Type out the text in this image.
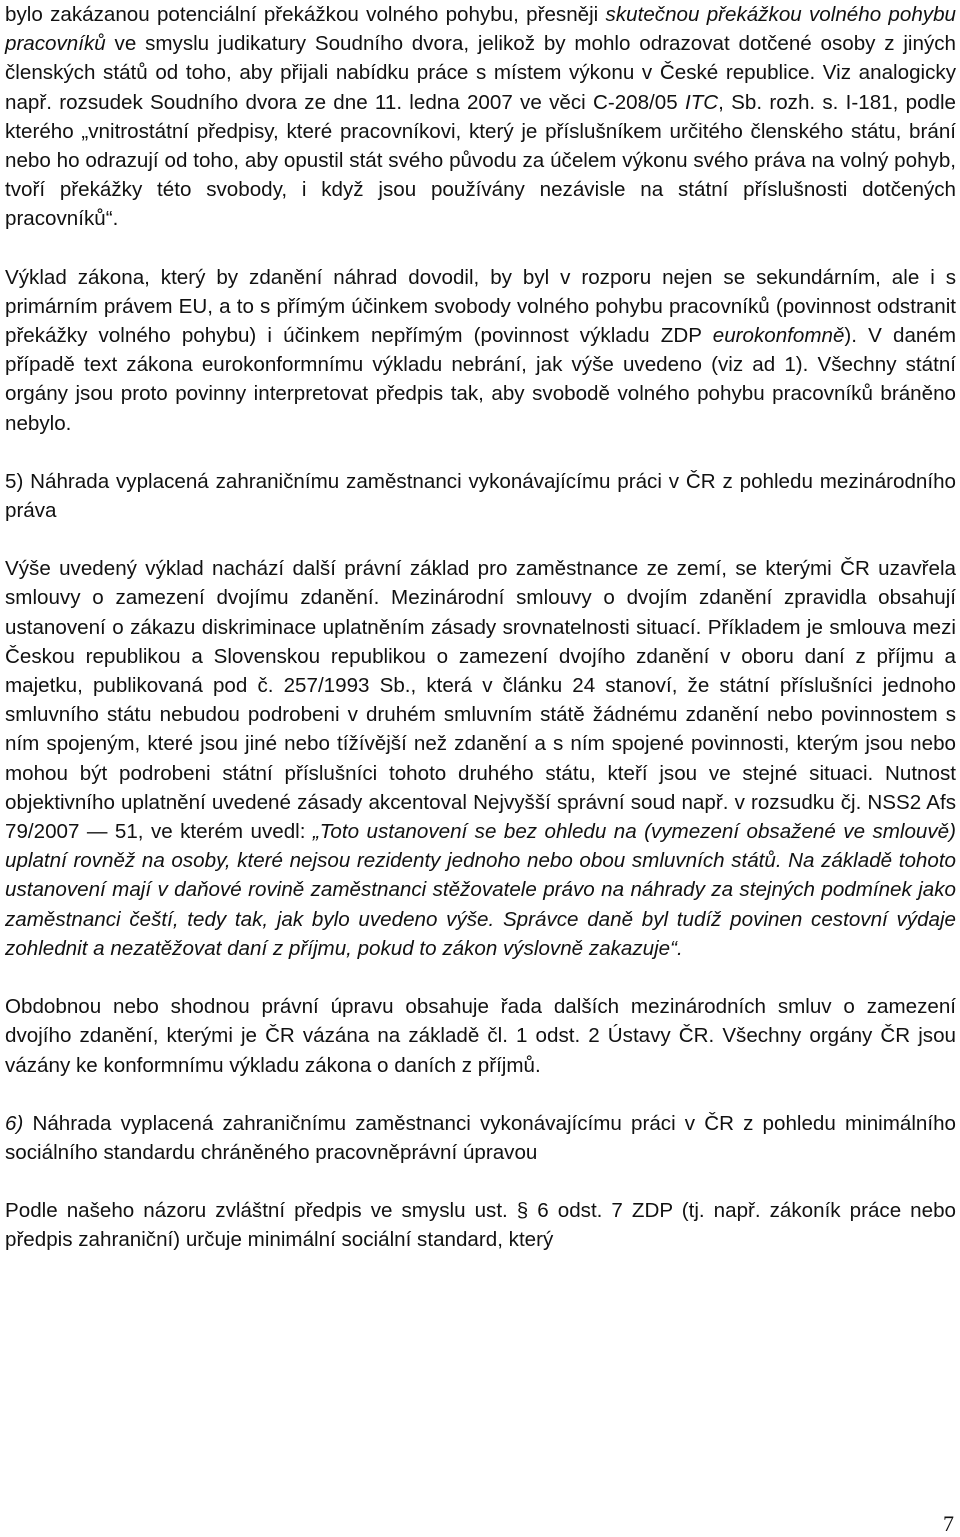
bylo zakázanou potenciální překážkou volného pohybu, přesněji skutečnou překážkou volného pohybu pracovníků ve smyslu judikatury Soudního dvora, jelikož by mohlo odrazovat dotčené osoby z jiných členských států od toho, aby přijali nabídku práce s místem výkonu v České republice. Viz analogicky např. rozsudek Soudního dvora ze dne 11. ledna 2007 ve věci C‑208/05 ITC, Sb. rozh. s. I‑181, podle kterého „vnitrostátní předpisy, které pracovníkovi, který je příslušníkem určitého členského státu, brání nebo ho odrazují od toho, aby opustil stát svého původu za účelem výkonu svého práva na volný pohyb, tvoří překážky této svobody, i když jsou používány nezávisle na státní příslušnosti dotčených pracovníků“.

Výklad zákona, který by zdanění náhrad dovodil, by byl v rozporu nejen se sekundárním, ale i s primárním právem EU, a to s přímým účinkem svobody volného pohybu pracovníků (povinnost odstranit překážky volného pohybu) i účinkem nepřímým (povinnost výkladu ZDP eurokonfomně). V daném případě text zákona eurokonformnímu výkladu nebrání, jak výše uvedeno (viz ad 1). Všechny státní orgány jsou proto povinny interpretovat předpis tak, aby svobodě volného pohybu pracovníků bráněno nebylo.

5) Náhrada vyplacená zahraničnímu zaměstnanci vykonávajícímu práci v ČR z pohledu mezinárodního práva

Výše uvedený výklad nachází další právní základ pro zaměstnance ze zemí, se kterými ČR uzavřela smlouvy o zamezení dvojímu zdanění. Mezinárodní smlouvy o dvojím zdanění zpravidla obsahují ustanovení o zákazu diskriminace uplatněním zásady srovnatelnosti situací. Příkladem je smlouva mezi Českou republikou a Slovenskou republikou o zamezení dvojího zdanění v oboru daní z příjmu a majetku, publikovaná pod č. 257/1993 Sb., která v článku 24 stanoví, že státní příslušníci jednoho smluvního státu nebudou podrobeni v druhém smluvním státě žádnému zdanění nebo povinnostem s ním spojeným, které jsou jiné nebo tížívější než zdanění a s ním spojené povinnosti, kterým jsou nebo mohou být podrobeni státní příslušníci tohoto druhého státu, kteří jsou ve stejné situaci. Nutnost objektivního uplatnění uvedené zásady akcentoval Nejvyšší správní soud např. v rozsudku čj. NSS2 Afs 79/2007 — 51, ve kterém uvedl: „Toto ustanovení se bez ohledu na (vymezení obsažené ve smlouvě) uplatní rovněž na osoby, které nejsou rezidenty jednoho nebo obou smluvních států. Na základě tohoto ustanovení mají v daňové rovině zaměstnanci stěžovatele právo na náhrady za stejných podmínek jako zaměstnanci čeští, tedy tak, jak bylo uvedeno výše. Správce daně byl tudíž povinen cestovní výdaje zohlednit a nezatěžovat daní z příjmu, pokud to zákon výslovně zakazuje“.

Obdobnou nebo shodnou právní úpravu obsahuje řada dalších mezinárodních smluv o zamezení dvojího zdanění, kterými je ČR vázána na základě čl. 1 odst. 2 Ústavy ČR. Všechny orgány ČR jsou vázány ke konformnímu výkladu zákona o daních z příjmů.

6) Náhrada vyplacená zahraničnímu zaměstnanci vykonávajícímu práci v ČR z pohledu minimálního sociálního standardu chráněného pracovněprávní úpravou

Podle našeho názoru zvláštní předpis ve smyslu ust. § 6 odst. 7 ZDP (tj. např. zákoník práce nebo předpis zahraniční) určuje minimální sociální standard, který

7
